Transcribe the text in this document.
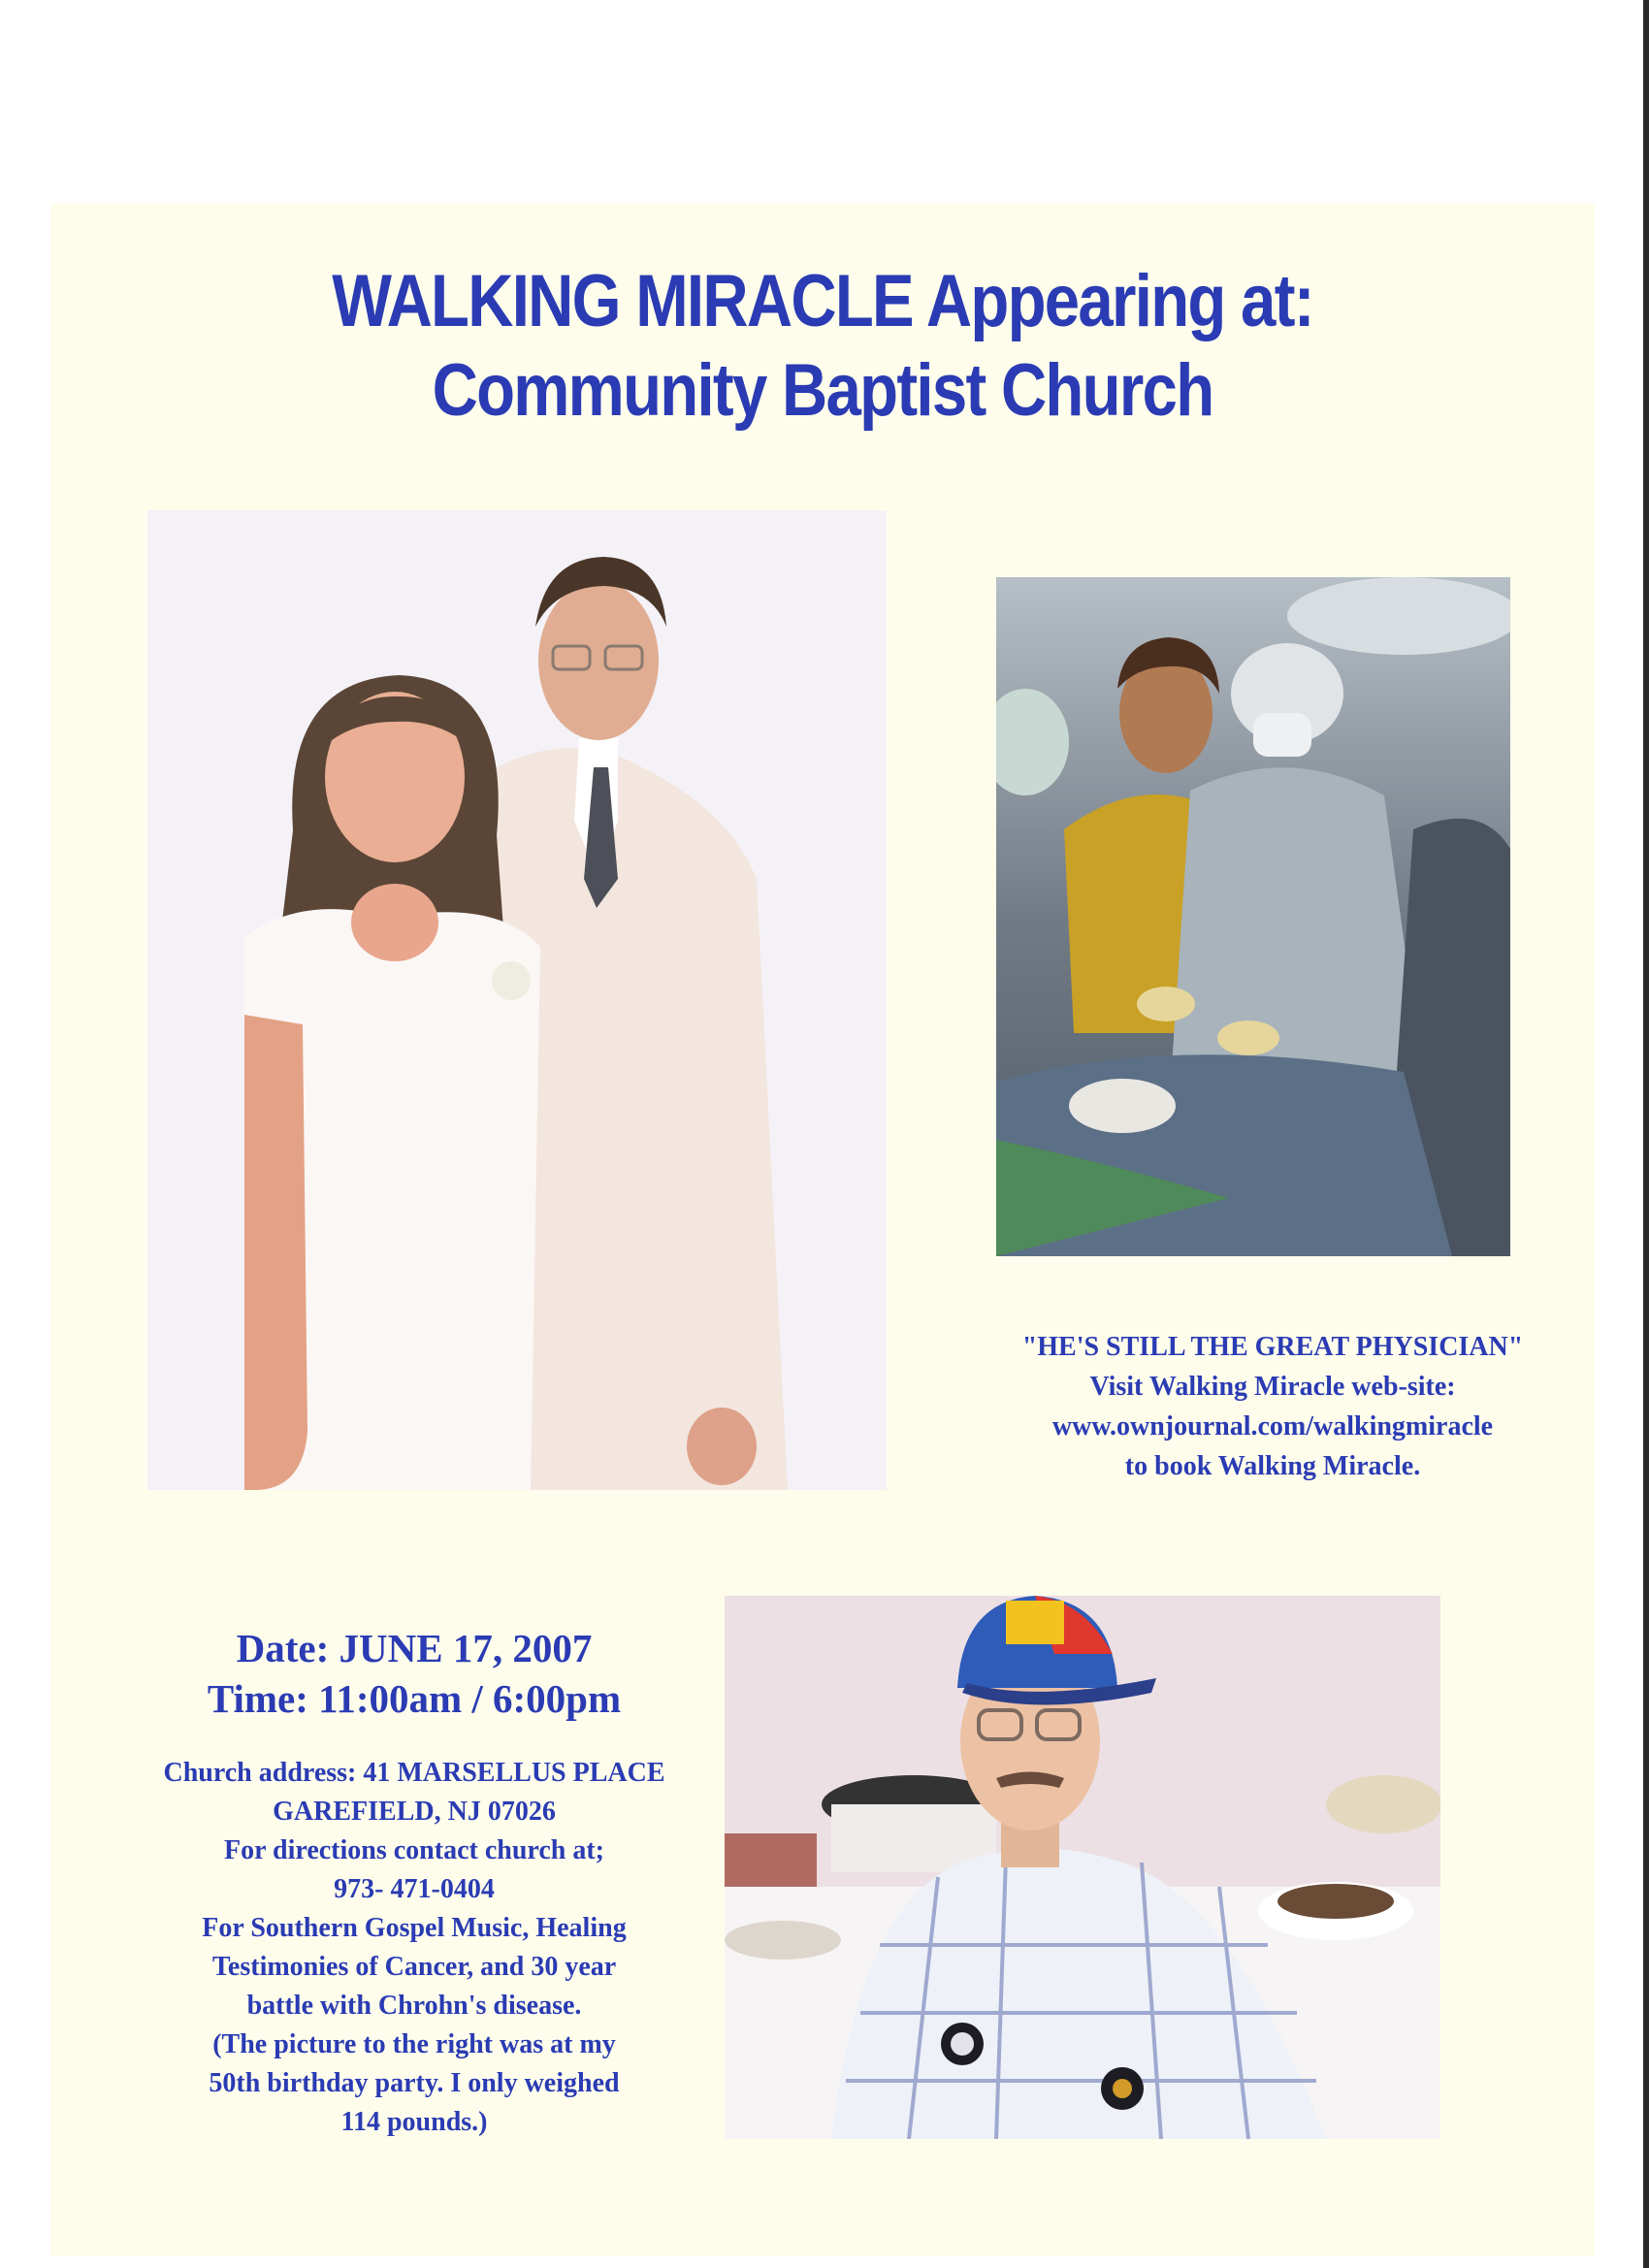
WALKING MIRACLE Appearing at:
Community Baptist Church
"HE'S STILL THE GREAT PHYSICIAN"
Visit Walking Miracle web-site:
www.ownjournal.com/walkingmiracle
to book Walking Miracle.
Date: JUNE 17, 2007
Time: 11:00am / 6:00pm
Church address: 41 MARSELLUS PLACE
GAREFIELD, NJ 07026
For directions contact church at;
973- 471-0404
For Southern Gospel Music, Healing
Testimonies of Cancer, and 30 year
battle with Chrohn's disease.
(The picture to the right was at my
50th birthday party. I only weighed
114 pounds.)
